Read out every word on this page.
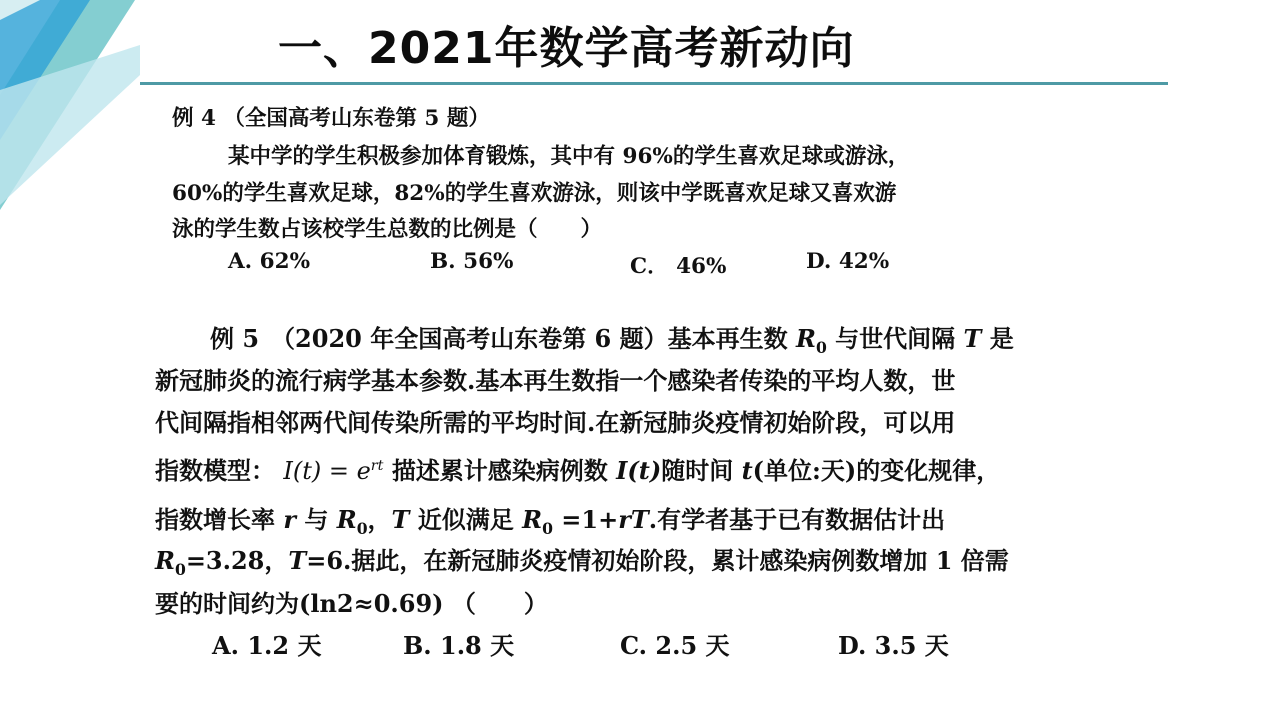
一、2021年数学高考新动向
例 4 （全国高考山东卷第 5 题）
某中学的学生积极参加体育锻炼，其中有 96%的学生喜欢足球或游泳，
60%的学生喜欢足球，82%的学生喜欢游泳，则该中学既喜欢足球又喜欢游
泳的学生数占该校学生总数的比例是（　　）
A. 62%	B. 56%	C． 46%	D. 42%
例 5　（2020 年全国高考山东卷第 6 题）基本再生数 $R_0$ 与世代间隔 T 是
新冠肺炎的流行病学基本参数.基本再生数指一个感染者传染的平均人数，世
代间隔指相邻两代间传染所需的平均时间.在新冠肺炎疫情初始阶段，可以用
指数模型： $I(t) = e^{rt}$ 描述累计感染病例数 I(t)随时间 t(单位:天)的变化规律，
指数增长率 r 与 $R_0$，T 近似满足 $R_0 =1+rT$.有学者基于已有数据估计出
$R_0=3.28$，T=6.据此，在新冠肺炎疫情初始阶段，累计感染病例数增加 1 倍需
要的时间约为(ln2≈0.69) （　　）
A. 1.2 天	B. 1.8 天	C. 2.5 天	D. 3.5 天
